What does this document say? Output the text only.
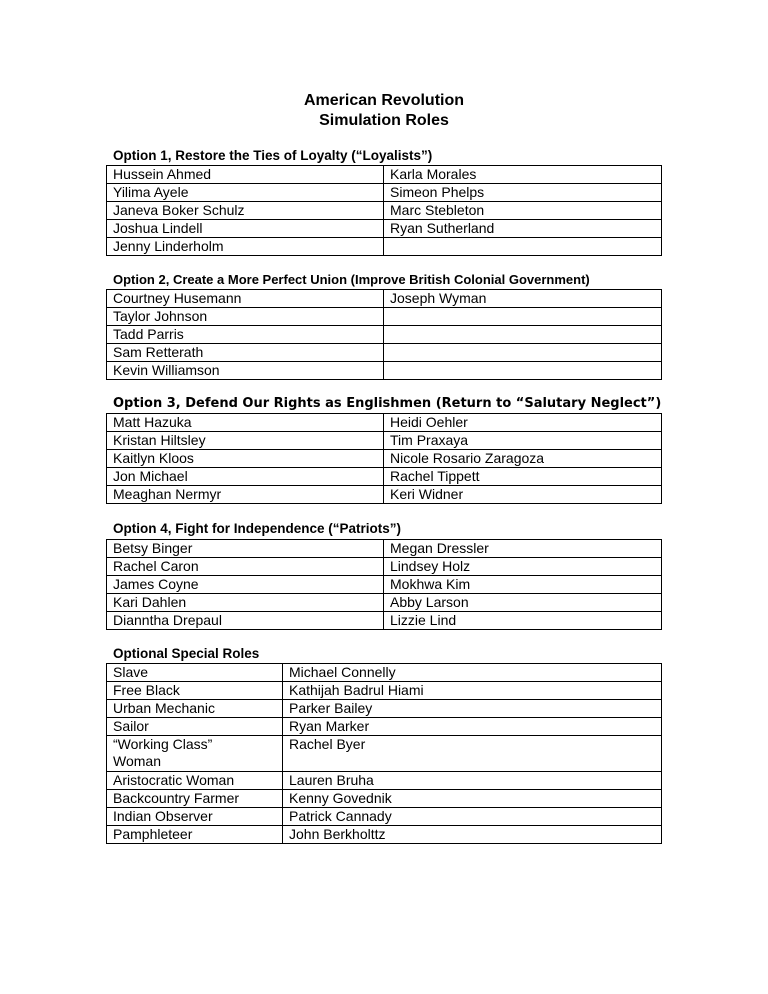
American Revolution
Simulation Roles
Option 1, Restore the Ties of Loyalty (“Loyalists”)
Hussein Ahmed	Karla Morales
Yilima Ayele	Simeon Phelps
Janeva Boker Schulz	Marc Stebleton
Joshua Lindell	Ryan Sutherland
Jenny Linderholm	
Option 2, Create a More Perfect Union (Improve British Colonial Government)
Courtney Husemann	Joseph Wyman
Taylor Johnson	
Tadd Parris	
Sam Retterath	
Kevin Williamson	
Option 3, Defend Our Rights as Englishmen (Return to “Salutary Neglect”)
Matt Hazuka	Heidi Oehler
Kristan Hiltsley	Tim Praxaya
Kaitlyn Kloos	Nicole Rosario Zaragoza
Jon Michael	Rachel Tippett
Meaghan Nermyr	Keri Widner
Option 4, Fight for Independence (“Patriots”)
Betsy Binger	Megan Dressler
Rachel Caron	Lindsey Holz
James Coyne	Mokhwa Kim
Kari Dahlen	Abby Larson
Dianntha Drepaul	Lizzie Lind
Optional Special Roles
Slave	Michael Connelly
Free Black	Kathijah Badrul Hiami
Urban Mechanic	Parker Bailey
Sailor	Ryan Marker

“Working Class” Woman	Rachel Byer
Aristocratic Woman	Lauren Bruha
Backcountry Farmer	Kenny Govednik
Indian Observer	Patrick Cannady
Pamphleteer	John Berkholttz
